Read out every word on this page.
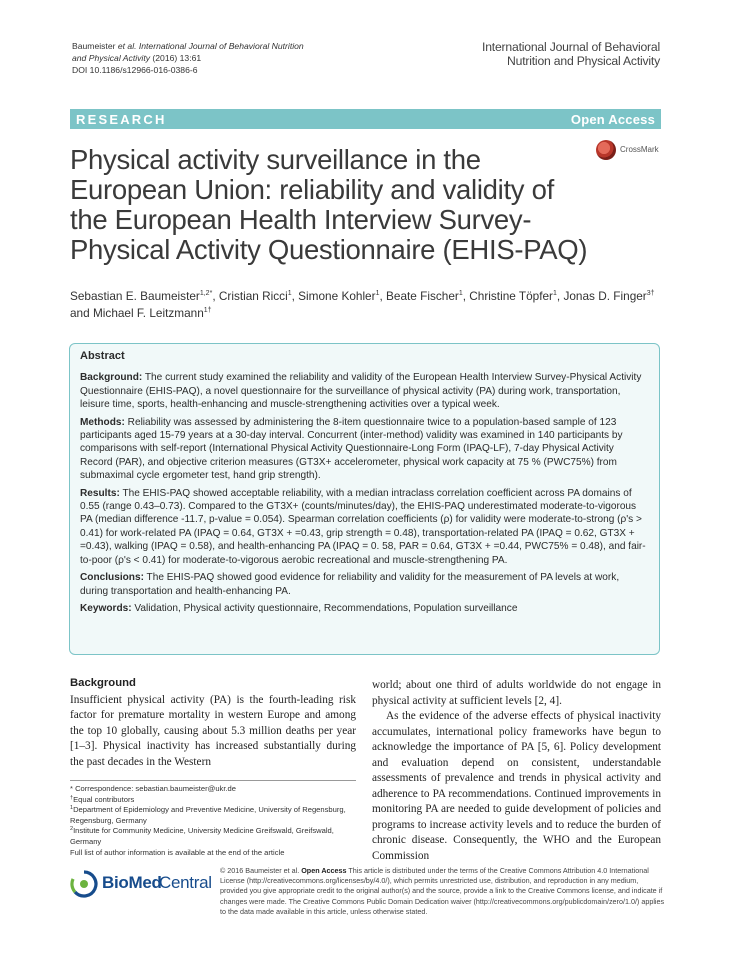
Baumeister et al. International Journal of Behavioral Nutrition
and Physical Activity (2016) 13:61
DOI 10.1186/s12966-016-0386-6
International Journal of Behavioral
Nutrition and Physical Activity
RESEARCH	Open Access
Physical activity surveillance in the European Union: reliability and validity of the European Health Interview Survey-Physical Activity Questionnaire (EHIS-PAQ)
CrossMark
Sebastian E. Baumeister$^{1,2*}$, Cristian Ricci$^1$, Simone Kohler$^1$, Beate Fischer$^1$, Christine Töpfer$^1$, Jonas D. Finger$^{3\dagger}$
and Michael F. Leitzmann$^{1\dagger}$
Abstract
Background: The current study examined the reliability and validity of the European Health Interview Survey-Physical Activity Questionnaire (EHIS-PAQ), a novel questionnaire for the surveillance of physical activity (PA) during work, transportation, leisure time, sports, health-enhancing and muscle-strengthening activities over a typical week.
Methods: Reliability was assessed by administering the 8-item questionnaire twice to a population-based sample of 123 participants aged 15-79 years at a 30-day interval. Concurrent (inter-method) validity was examined in 140 participants by comparisons with self-report (International Physical Activity Questionnaire-Long Form (IPAQ-LF), 7-day Physical Activity Record (PAR), and objective criterion measures (GT3X+ accelerometer, physical work capacity at 75 % (PWC75%) from submaximal cycle ergometer test, hand grip strength).
Results: The EHIS-PAQ showed acceptable reliability, with a median intraclass correlation coefficient across PA domains of 0.55 (range 0.43–0.73). Compared to the GT3X+ (counts/minutes/day), the EHIS-PAQ underestimated moderate-to-vigorous PA (median difference -11.7, p-value = 0.054). Spearman correlation coefficients (ρ) for validity were moderate-to-strong (ρ's > 0.41) for work-related PA (IPAQ = 0.64, GT3X + =0.43, grip strength = 0.48), transportation-related PA (IPAQ = 0.62, GT3X + =0.43), walking (IPAQ = 0.58), and health-enhancing PA (IPAQ = 0. 58, PAR = 0.64, GT3X + =0.44, PWC75% = 0.48), and fair-to-poor (ρ's < 0.41) for moderate-to-vigorous aerobic recreational and muscle-strengthening PA.
Conclusions: The EHIS-PAQ showed good evidence for reliability and validity for the measurement of PA levels at work, during transportation and health-enhancing PA.
Keywords: Validation, Physical activity questionnaire, Recommendations, Population surveillance
Background

Insufficient physical activity (PA) is the fourth-leading risk factor for premature mortality in western Europe and among the top 10 globally, causing about 5.3 million deaths per year [1–3]. Physical inactivity has increased substantially during the past decades in the Western

world; about one third of adults worldwide do not engage in physical activity at sufficient levels [2, 4].

As the evidence of the adverse effects of physical inactivity accumulates, international policy frameworks have begun to acknowledge the importance of PA [5, 6]. Policy development and evaluation depend on consistent, understandable assessments of prevalence and trends in physical activity and adherence to PA recommendations. Continued improvements in monitoring PA are needed to guide development of policies and programs to increase activity levels and to reduce the burden of chronic disease. Consequently, the WHO and the European Commission

* Correspondence: sebastian.baumeister@ukr.de
†Equal contributors
$^1$Department of Epidemiology and Preventive Medicine, University of Regensburg, Regensburg, Germany
$^2$Institute for Community Medicine, University Medicine Greifswald, Greifswald, Germany
Full list of author information is available at the end of the article
BioMed
Central
© 2016 Baumeister et al. Open Access This article is distributed under the terms of the Creative Commons Attribution 4.0 International License (http://creativecommons.org/licenses/by/4.0/), which permits unrestricted use, distribution, and reproduction in any medium, provided you give appropriate credit to the original author(s) and the source, provide a link to the Creative Commons license, and indicate if changes were made. The Creative Commons Public Domain Dedication waiver (http://creativecommons.org/publicdomain/zero/1.0/) applies to the data made available in this article, unless otherwise stated.
